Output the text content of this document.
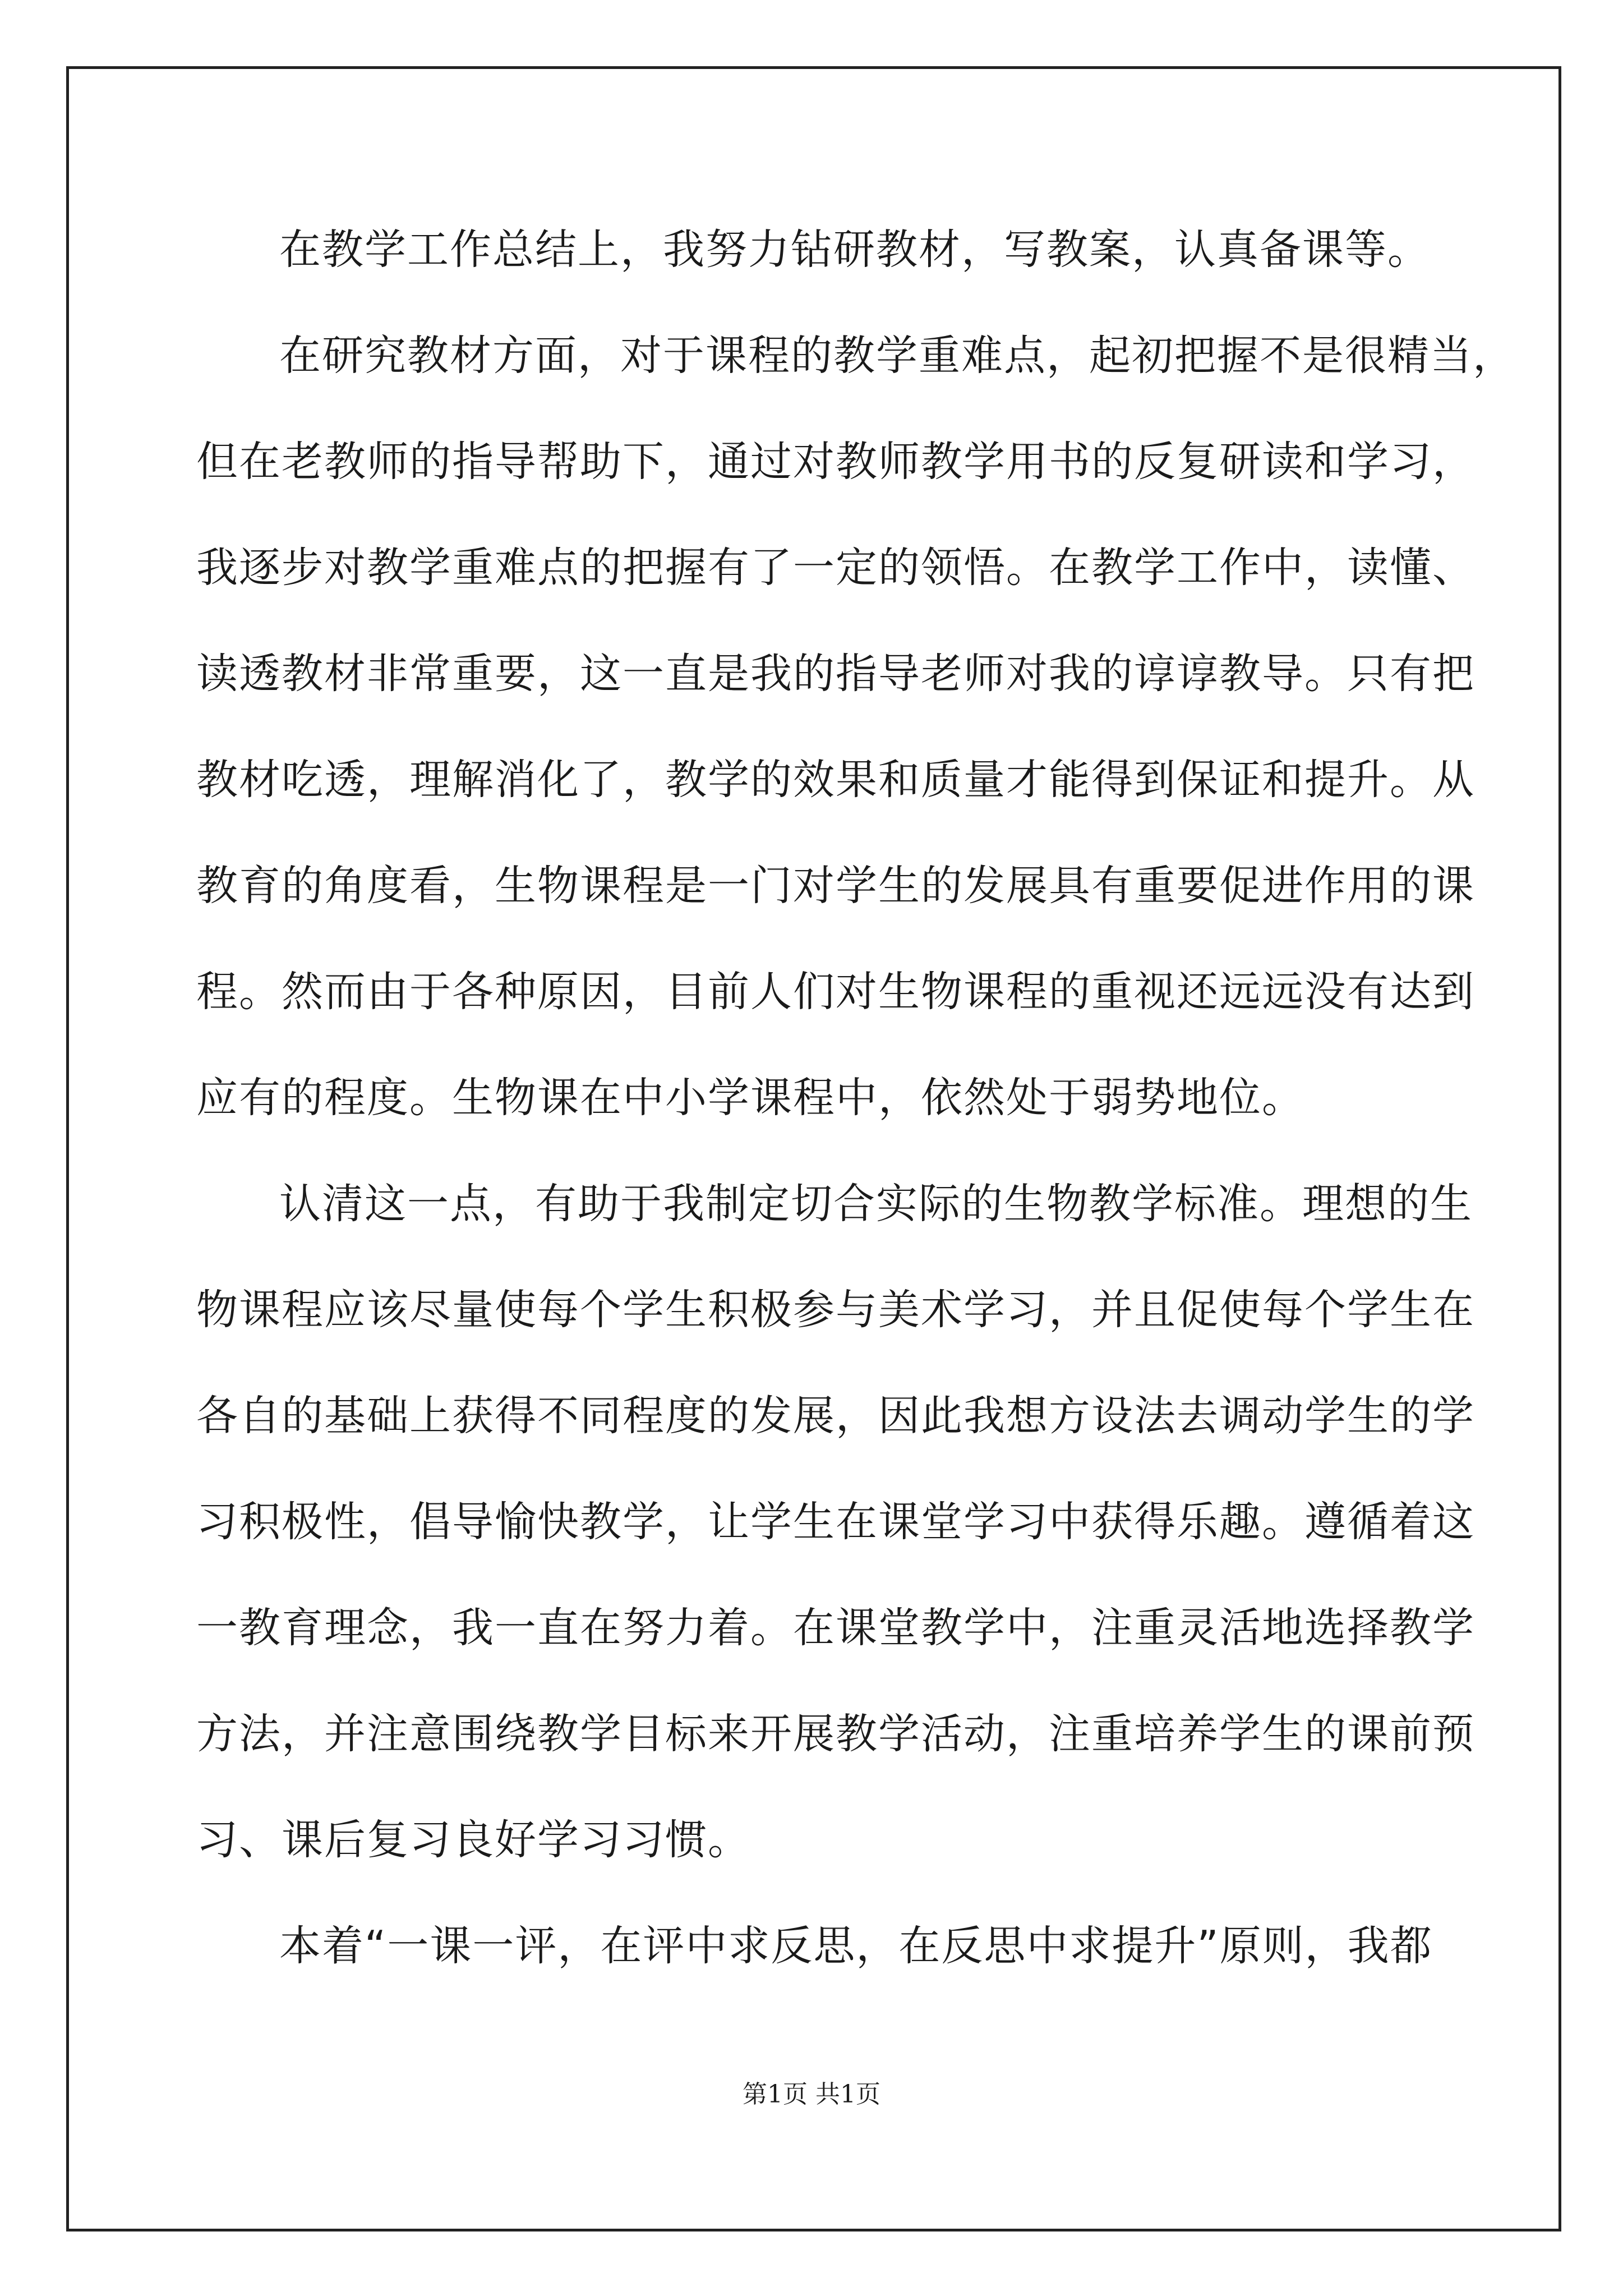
在教学工作总结上，我努力钻研教材，写教案，认真备课等。
在研究教材方面，对于课程的教学重难点，起初把握不是很精当，
但在老教师的指导帮助下，通过对教师教学用书的反复研读和学习，
我逐步对教学重难点的把握有了一定的领悟。在教学工作中，读懂、
读透教材非常重要，这一直是我的指导老师对我的谆谆教导。只有把
教材吃透，理解消化了，教学的效果和质量才能得到保证和提升。从
教育的角度看，生物课程是一门对学生的发展具有重要促进作用的课
程。然而由于各种原因，目前人们对生物课程的重视还远远没有达到
应有的程度。生物课在中小学课程中，依然处于弱势地位。
认清这一点，有助于我制定切合实际的生物教学标准。理想的生
物课程应该尽量使每个学生积极参与美术学习，并且促使每个学生在
各自的基础上获得不同程度的发展，因此我想方设法去调动学生的学
习积极性，倡导愉快教学，让学生在课堂学习中获得乐趣。遵循着这
一教育理念，我一直在努力着。在课堂教学中，注重灵活地选择教学
方法，并注意围绕教学目标来开展教学活动，注重培养学生的课前预
习、课后复习良好学习习惯。
本着“一课一评，在评中求反思，在反思中求提升”原则，我都
第1页 共1页
